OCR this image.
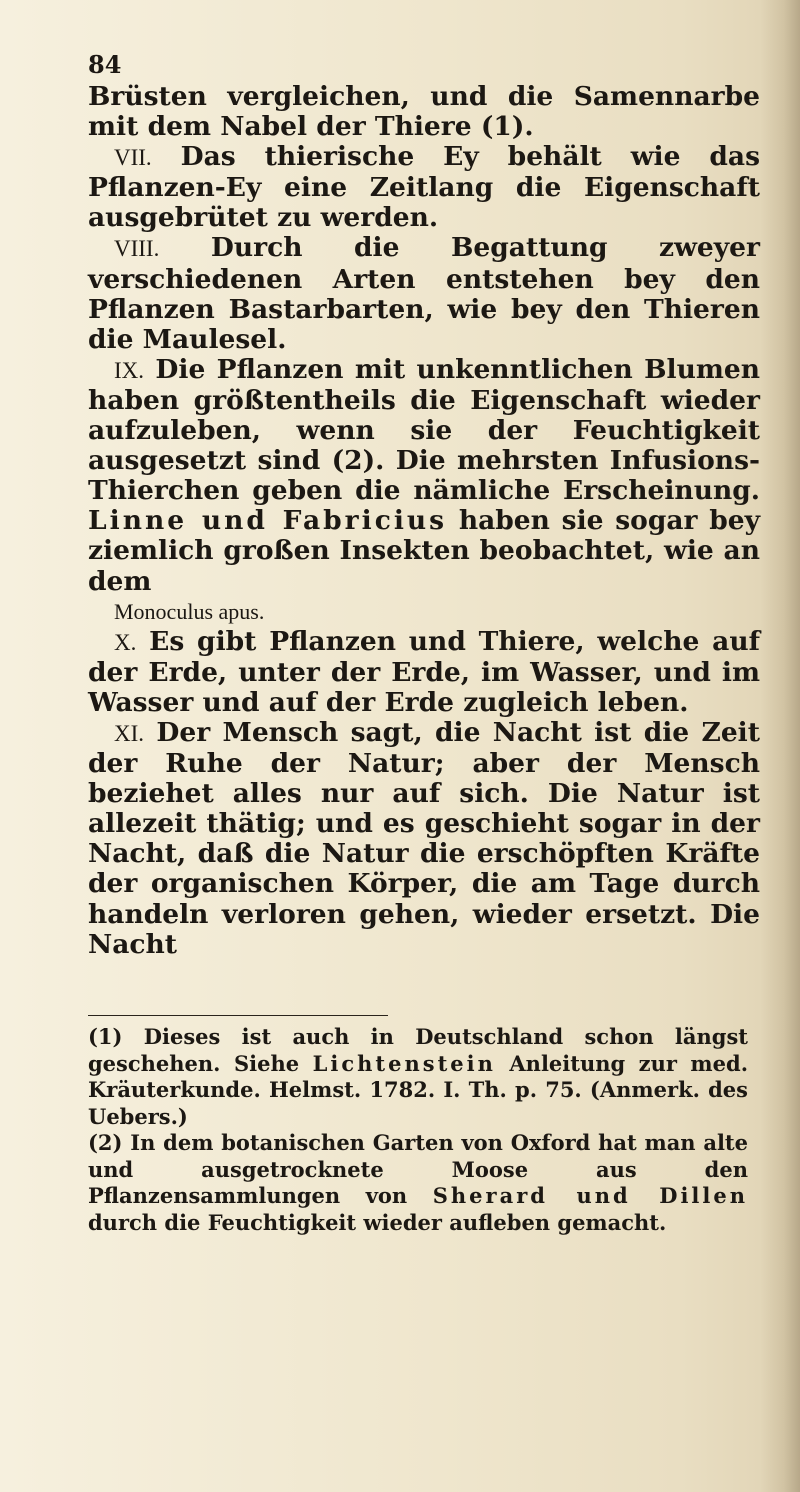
84

Brüsten vergleichen, und die Samennarbe mit dem Nabel der Thiere (1).

VII. Das thierische Ey behält wie das Pflanzen-Ey eine Zeitlang die Eigenschaft ausgebrütet zu werden.

VIII. Durch die Begattung zweyer verschiedenen Arten entstehen bey den Pflanzen Bastarbarten, wie bey den Thieren die Maulesel.

IX. Die Pflanzen mit unkenntlichen Blumen haben größtentheils die Eigenschaft wieder aufzuleben, wenn sie der Feuchtigkeit ausgesetzt sind (2). Die mehrsten Infusions-Thierchen geben die nämliche Erscheinung. Linne und Fabricius haben sie sogar bey ziemlich großen Insekten beobachtet, wie an dem
Monoculus apus.

X. Es gibt Pflanzen und Thiere, welche auf der Erde, unter der Erde, im Wasser, und im Wasser und auf der Erde zugleich leben.

XI. Der Mensch sagt, die Nacht ist die Zeit der Ruhe der Natur; aber der Mensch beziehet alles nur auf sich. Die Natur ist allezeit thätig; und es geschieht sogar in der Nacht, daß die Natur die erschöpften Kräfte der organischen Körper, die am Tage durch handeln verloren gehen, wieder ersetzt. Die Nacht

(1) Dieses ist auch in Deutschland schon längst geschehen. Siehe Lichtenstein Anleitung zur med. Kräuterkunde. Helmst. 1782. I. Th. p. 75. (Anmerk. des Uebers.)

(2) In dem botanischen Garten von Oxford hat man alte und ausgetrocknete Moose aus den Pflanzensammlungen von Sherard und Dillen durch die Feuchtigkeit wieder aufleben gemacht.
